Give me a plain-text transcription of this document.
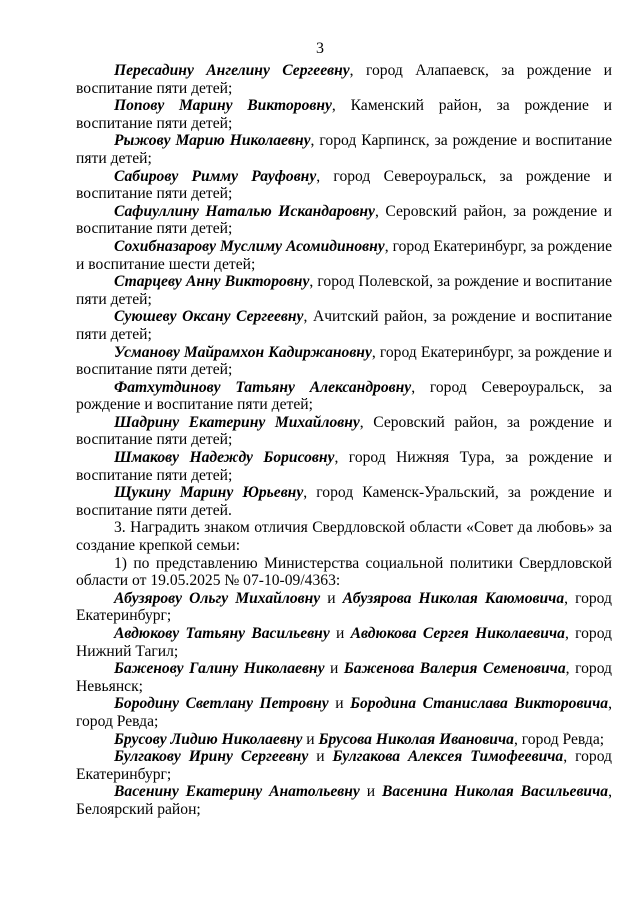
3

Пересадину Ангелину Сергеевну, город Алапаевск, за рождение и воспитание пяти детей;

Попову Марину Викторовну, Каменский район, за рождение и воспитание пяти детей;

Рыжову Марию Николаевну, город Карпинск, за рождение и воспитание пяти детей;

Сабирову Римму Рауфовну, город Североуральск, за рождение и воспитание пяти детей;

Сафиуллину Наталью Искандаровну, Серовский район, за рождение и воспитание пяти детей;

Сохибназарову Муслиму Асомидиновну, город Екатеринбург, за рождение и воспитание шести детей;

Старцеву Анну Викторовну, город Полевской, за рождение и воспитание пяти детей;

Суюшеву Оксану Сергеевну, Ачитский район, за рождение и воспитание пяти детей;

Усманову Майрамхон Кадиржановну, город Екатеринбург, за рождение и воспитание пяти детей;

Фатхутдинову Татьяну Александровну, город Североуральск, за рождение и воспитание пяти детей;

Шадрину Екатерину Михайловну, Серовский район, за рождение и воспитание пяти детей;

Шмакову Надежду Борисовну, город Нижняя Тура, за рождение и воспитание пяти детей;

Щукину Марину Юрьевну, город Каменск-Уральский, за рождение и воспитание пяти детей.

3. Наградить знаком отличия Свердловской области «Совет да любовь» за создание крепкой семьи:

1) по представлению Министерства социальной политики Свердловской области от 19.05.2025 № 07-10-09/4363:

Абузярову Ольгу Михайловну и Абузярова Николая Каюмовича, город Екатеринбург;

Авдюкову Татьяну Васильевну и Авдюкова Сергея Николаевича, город Нижний Тагил;

Баженову Галину Николаевну и Баженова Валерия Семеновича, город Невьянск;

Бородину Светлану Петровну и Бородина Станислава Викторовича, город Ревда;

Брусову Лидию Николаевну и Брусова Николая Ивановича, город Ревда;

Булгакову Ирину Сергеевну и Булгакова Алексея Тимофеевича, город Екатеринбург;

Васенину Екатерину Анатольевну и Васенина Николая Васильевича, Белоярский район;
